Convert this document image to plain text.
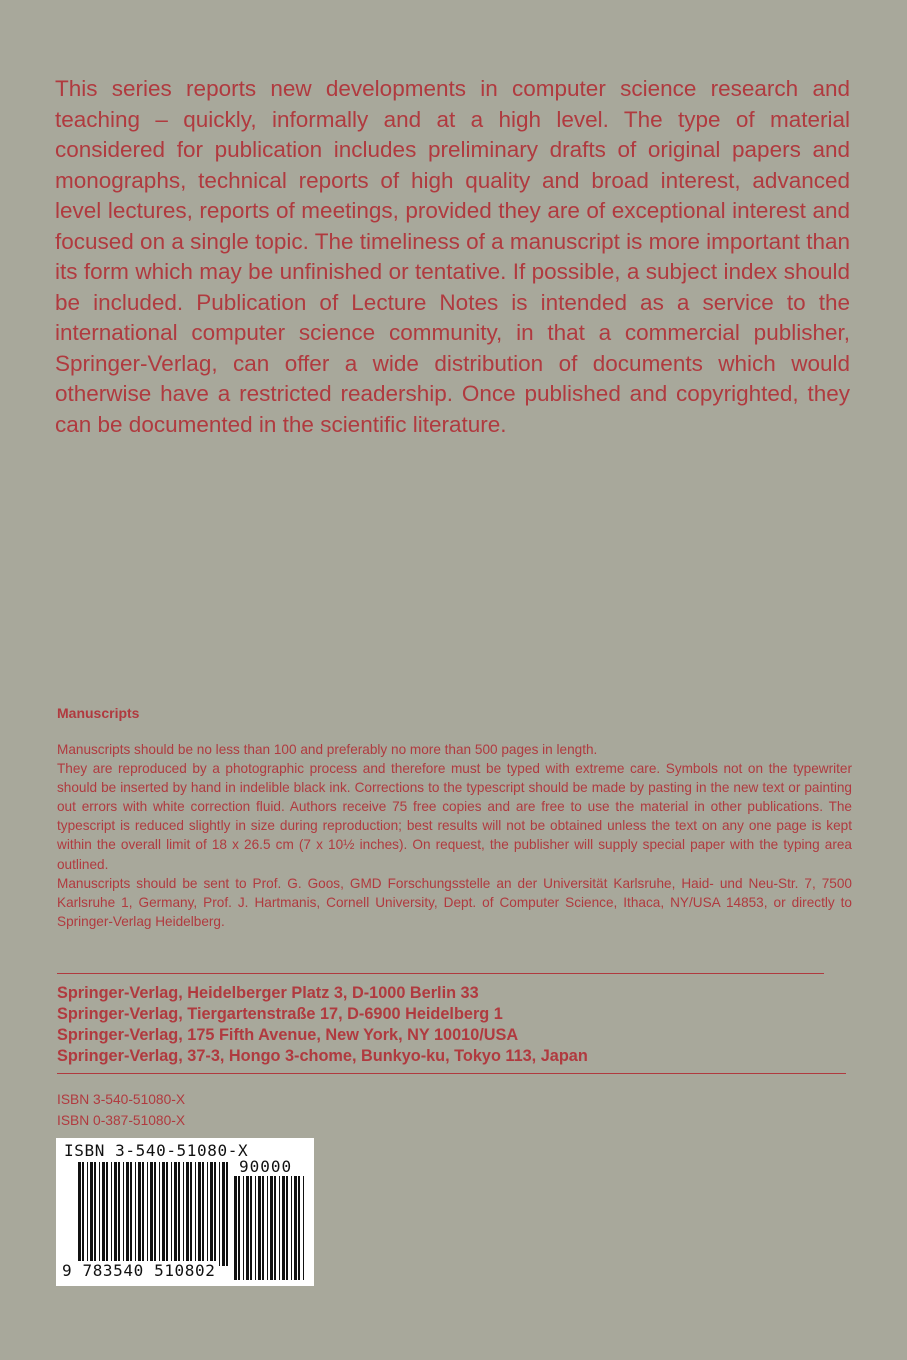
This series reports new developments in computer science research and teaching – quickly, informally and at a high level. The type of material considered for publication includes preliminary drafts of original papers and monographs, technical reports of high quality and broad interest, advanced level lectures, reports of meetings, provided they are of exceptional interest and focused on a single topic. The timeliness of a manuscript is more important than its form which may be unfinished or tentative. If possible, a subject index should be included. Publication of Lecture Notes is intended as a service to the international computer science community, in that a commercial publisher, Springer-Verlag, can offer a wide distribution of documents which would otherwise have a restricted readership. Once published and copyrighted, they can be documented in the scientific literature.

Manuscripts

Manuscripts should be no less than 100 and preferably no more than 500 pages in length.

They are reproduced by a photographic process and therefore must be typed with extreme care. Symbols not on the typewriter should be inserted by hand in indelible black ink. Corrections to the typescript should be made by pasting in the new text or painting out errors with white correction fluid. Authors receive 75 free copies and are free to use the material in other publications. The typescript is reduced slightly in size during reproduction; best results will not be obtained unless the text on any one page is kept within the overall limit of 18 x 26.5 cm (7 x 10½ inches). On request, the publisher will supply special paper with the typing area outlined.

Manuscripts should be sent to Prof. G. Goos, GMD Forschungsstelle an der Universität Karlsruhe, Haid- und Neu-Str. 7, 7500 Karlsruhe 1, Germany, Prof. J. Hartmanis, Cornell University, Dept. of Computer Science, Ithaca, NY/USA 14853, or directly to Springer-Verlag Heidelberg.

Springer-Verlag, Heidelberger Platz 3, D-1000 Berlin 33
Springer-Verlag, Tiergartenstraße 17, D-6900 Heidelberg 1
Springer-Verlag, 175 Fifth Avenue, New York, NY 10010/USA
Springer-Verlag, 37-3, Hongo 3-chome, Bunkyo-ku, Tokyo 113, Japan
ISBN 3-540-51080-X
ISBN 0-387-51080-X
ISBN 3-540-51080-X
90000
9 783540 510802
